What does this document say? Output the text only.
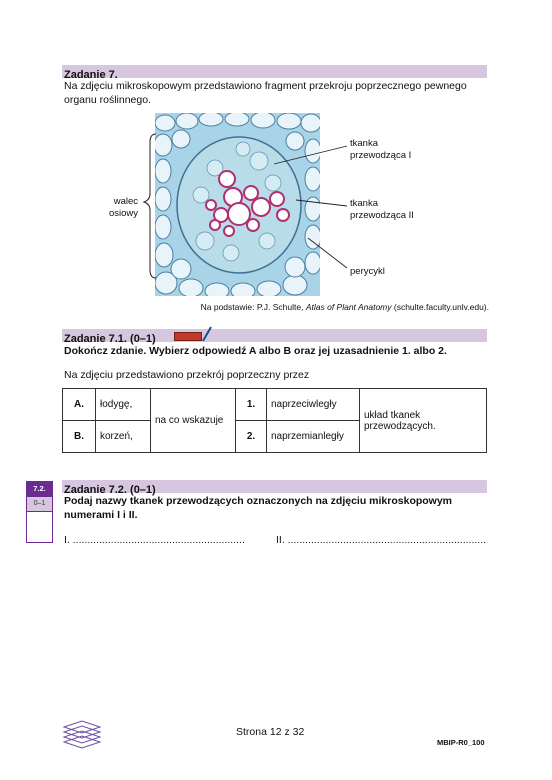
Zadanie 7.
Na zdjęciu mikroskopowym przedstawiono fragment przekroju poprzecznego pewnego
organu roślinnego.
walec
osiowy
tkanka
przewodząca I
tkanka
przewodząca II
perycykl
Na podstawie: P.J. Schulte, Atlas of Plant Anatomy (schulte.faculty.unlv.edu).
Zadanie 7.1. (0–1)
Dokończ zdanie. Wybierz odpowiedź A albo B oraz jej uzasadnienie 1. albo 2.
Na zdjęciu przedstawiono przekrój poprzeczny przez
A.	łodygę,	na co wskazuje	1.	naprzeciwległy	układ tkanek przewodzących.
B.	korzeń,		2.	naprzemianległy	
7.2.
0–1
Zadanie 7.2. (0–1)
Podaj nazwy tkanek przewodzących oznaczonych na zdjęciu mikroskopowym
numerami I i II.
I. ...........................................................	II. ....................................................................
Strona 12 z 32
MBIP-R0_100
